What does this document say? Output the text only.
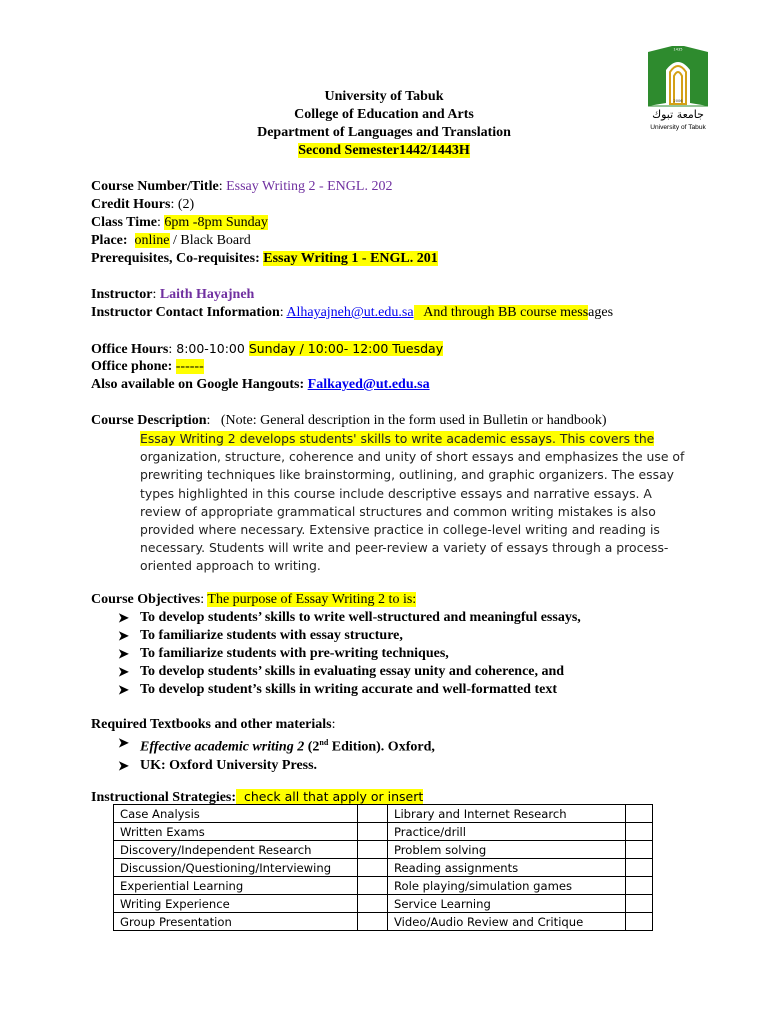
University of Tabuk
College of Education and Arts
Department of Languages and Translation
Second Semester1442/1443H
1435
2006
جامعة تبوك
University of Tabuk
Course Number/Title: Essay Writing 2 - ENGL. 202
Credit Hours: (2)
Class Time: 6pm -8pm Sunday
Place: online / Black Board
Prerequisites, Co-requisites: Essay Writing 1 - ENGL. 201
Instructor: Laith Hayajneh
Instructor Contact Information: Alhayajneh@ut.edu.sa   And through BB course messages
Office Hours: 8:00-10:00 Sunday / 10:00- 12:00 Tuesday
Office phone: ------
Also available on Google Hangouts: Falkayed@ut.edu.sa
Course Description:   (Note: General description in the form used in Bulletin or handbook)
Essay Writing 2 develops students' skills to write academic essays. This covers the organization, structure, coherence and unity of short essays and emphasizes the use of prewriting techniques like brainstorming, outlining, and graphic organizers. The essay types highlighted in this course include descriptive essays and narrative essays. A review of appropriate grammatical structures and common writing mistakes is also provided where necessary. Extensive practice in college-level writing and reading is necessary. Students will write and peer-review a variety of essays through a process-oriented approach to writing.
Course Objectives: The purpose of Essay Writing 2 to is:
➤ To develop students’ skills to write well-structured and meaningful essays,
➤ To familiarize students with essay structure,
➤ To familiarize students with pre-writing techniques,
➤ To develop students’ skills in evaluating essay unity and coherence, and
➤ To develop student’s skills in writing accurate and well-formatted text
Required Textbooks and other materials:
➤ Effective academic writing 2 (2nd Edition). Oxford,
➤ UK: Oxford University Press.
Instructional Strategies:  check all that apply or insert
Case Analysis		Library and Internet Research	
Written Exams		Practice/drill	
Discovery/Independent Research		Problem solving	
Discussion/Questioning/Interviewing		Reading assignments	
Experiential Learning		Role playing/simulation games	
Writing Experience		Service Learning	
Group Presentation		Video/Audio Review and Critique	
